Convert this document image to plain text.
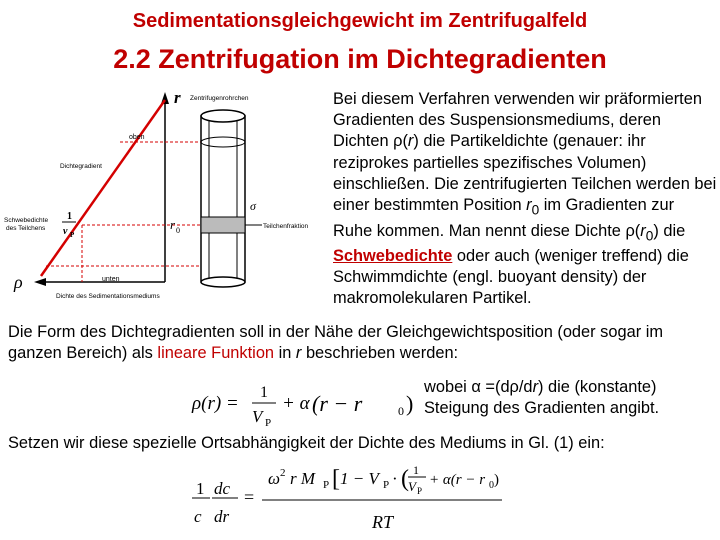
Sedimentationsgleichgewicht im Zentrifugalfeld
2.2 Zentrifugation im Dichtegradienten
r
ρ
Zentrifugenrohrchen
oben
Dichtegradient
Schwebedichte
des Teilchens
1
v P
σ
Teilchenfraktion
r 0
unten
Dichte des Sedimentationsmediums
Bei diesem Verfahren verwenden wir präformierten Gradienten des Suspensionsmediums, deren Dichten ρ(r) die Partikeldichte (genauer: ihr reziprokes partielles spezifisches Volumen) einschließen. Die zentrifugierten Teilchen werden bei einer bestimmten Position $r_0$ im Gradienten zur Ruhe kommen. Man nennt diese Dichte $\rho(r_0)$ die Schwebedichte oder auch (weniger treffend) die Schwimmdichte (engl. buoyant density) der makromolekularen Partikel.
Die Form des Dichtegradienten soll in der Nähe der Gleichgewichtsposition (oder sogar im ganzen Bereich) als lineare Funktion in r beschrieben werden:
wobei α =(dρ/dr) die (konstante) Steigung des Gradienten angibt.
ρ(r) =
1
V P
+ α (r − r	0 )
Setzen wir diese spezielle Ortsabhängigkeit der Dichte des Mediums in Gl. (1) ein:
1
c
dc
dr
=
ω 2 r M P [ 1 − V P · ( 1
V P
+ α(r − r 0 )
RT
